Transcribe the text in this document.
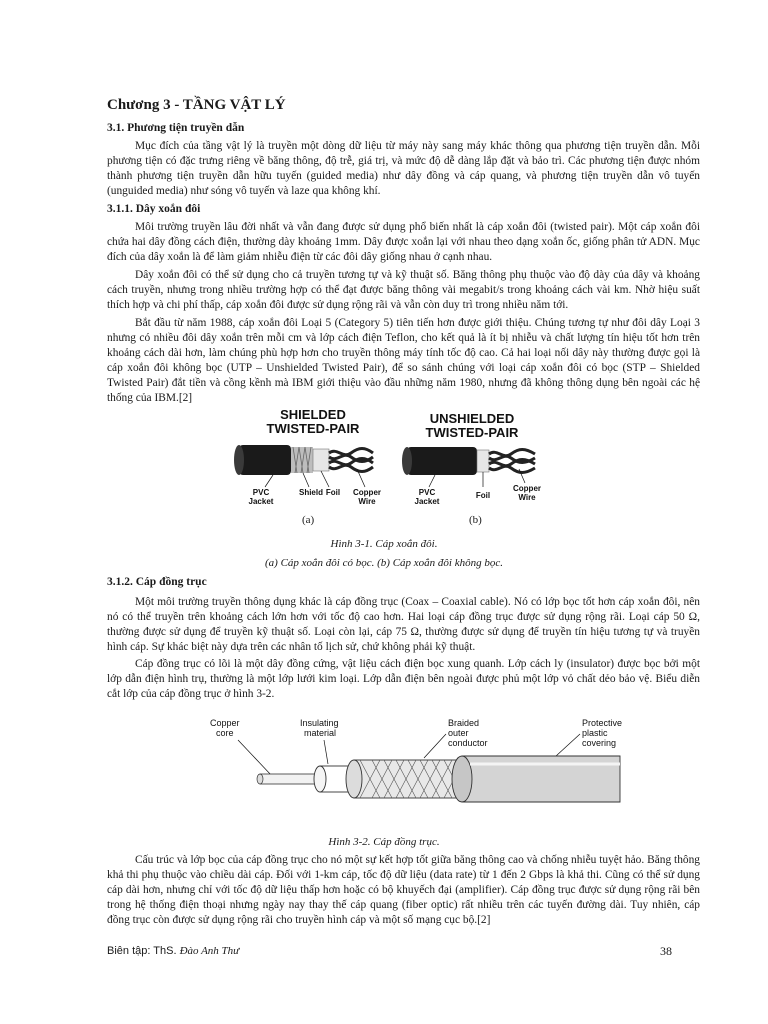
Chương 3 - TẦNG VẬT LÝ
3.1. Phương tiện truyền dẫn

Mục đích của tầng vật lý là truyền một dòng dữ liệu từ máy này sang máy khác thông qua phương tiện truyền dẫn. Mỗi phương tiện có đặc trưng riêng về băng thông, độ trễ, giá trị, và mức độ dễ dàng lắp đặt và bảo trì. Các phương tiện được nhóm thành phương tiện truyền dẫn hữu tuyến (guided media) như dây đồng và cáp quang, và phương tiện truyền dẫn vô tuyến (unguided media) như sóng vô tuyến và laze qua không khí.

3.1.1. Dây xoắn đôi

Môi trường truyền lâu đời nhất và vẫn đang được sử dụng phổ biến nhất là cáp xoắn đôi (twisted pair). Một cáp xoắn đôi chứa hai dây đồng cách điện, thường dày khoảng 1mm. Dây được xoắn lại với nhau theo dạng xoắn ốc, giống phân tử ADN. Mục đích của dây xoắn là để làm giảm nhiễu điện từ các đôi dây giống nhau ở cạnh nhau.

Dây xoắn đôi có thể sử dụng cho cả truyền tương tự và kỹ thuật số. Băng thông phụ thuộc vào độ dày của dây và khoảng cách truyền, nhưng trong nhiều trường hợp có thể đạt được băng thông vài megabit/s trong khoảng cách vài km. Nhờ hiệu suất thích hợp và chi phí thấp, cáp xoắn đôi được sử dụng rộng rãi và vẫn còn duy trì trong nhiều năm tới.

Bắt đầu từ năm 1988, cáp xoắn đôi Loại 5 (Category 5) tiên tiến hơn được giới thiệu. Chúng tương tự như đôi dây Loại 3 nhưng có nhiều đôi dây xoắn trên mỗi cm và lớp cách điện Teflon, cho kết quả là ít bị nhiễu và chất lượng tín hiệu tốt hơn trên khoảng cách dài hơn, làm chúng phù hợp hơn cho truyền thông máy tính tốc độ cao. Cả hai loại nối dây này thường được gọi là cáp xoắn đôi không bọc (UTP – Unshielded Twisted Pair), để so sánh chúng với loại cáp xoắn đôi có bọc (STP – Shielded Twisted Pair) đắt tiền và cồng kềnh mà IBM giới thiệu vào đầu những năm 1980, nhưng đã không thông dụng bên ngoài các hệ thống của IBM.[2]

SHIELDED
TWISTED-PAIR
UNSHIELDED
TWISTED-PAIR
PVC
Jacket
Shield Foil Copper
Wire
PVC
Jacket
Foil
Copper
Wire
(a)	(b)
Hình 3-1. Cáp xoắn đôi.
(a) Cáp xoắn đôi có bọc. (b) Cáp xoắn đôi không bọc.
3.1.2. Cáp đồng trục

Một môi trường truyền thông dụng khác là cáp đồng trục (Coax – Coaxial cable). Nó có lớp bọc tốt hơn cáp xoắn đôi, nên nó có thể truyền trên khoảng cách lớn hơn với tốc độ cao hơn. Hai loại cáp đồng trục được sử dụng rộng rãi. Loại cáp 50 Ω, thường được sử dụng để truyền kỹ thuật số. Loại còn lại, cáp 75 Ω, thường được sử dụng để truyền tín hiệu tương tự và truyền hình cáp. Sự khác biệt này dựa trên các nhân tố lịch sử, chứ không phải kỹ thuật.

Cáp đồng trục có lõi là một dây đồng cứng, vật liệu cách điện bọc xung quanh. Lớp cách ly (insulator) được bọc bởi một lớp dẫn điện hình trụ, thường là một lớp lưới kim loại. Lớp dẫn điện bên ngoài được phủ một lớp vỏ chất dẻo bảo vệ. Biểu diễn cắt lớp của cáp đồng trục ở hình 3-2.

Copper
core
Insulating
material
Braided
outer
conductor
Protective
plastic
covering
Hình 3-2. Cáp đồng trục.

Cấu trúc và lớp bọc của cáp đồng trục cho nó một sự kết hợp tốt giữa băng thông cao và chống nhiễu tuyệt hảo. Băng thông khả thi phụ thuộc vào chiều dài cáp. Đối với 1-km cáp, tốc độ dữ liệu (data rate) từ 1 đến 2 Gbps là khả thi. Cũng có thể sử dụng cáp dài hơn, nhưng chỉ với tốc độ dữ liệu thấp hơn hoặc có bộ khuyếch đại (amplifier). Cáp đồng trục được sử dụng rộng rãi bên trong hệ thống điện thoại nhưng ngày nay thay thế cáp quang (fiber optic) rất nhiều trên các tuyến đường dài. Tuy nhiên, cáp đồng trục còn được sử dụng rộng rãi cho truyền hình cáp và một số mạng cục bộ.[2]

Biên tập: ThS. Đào Anh Thư	38
